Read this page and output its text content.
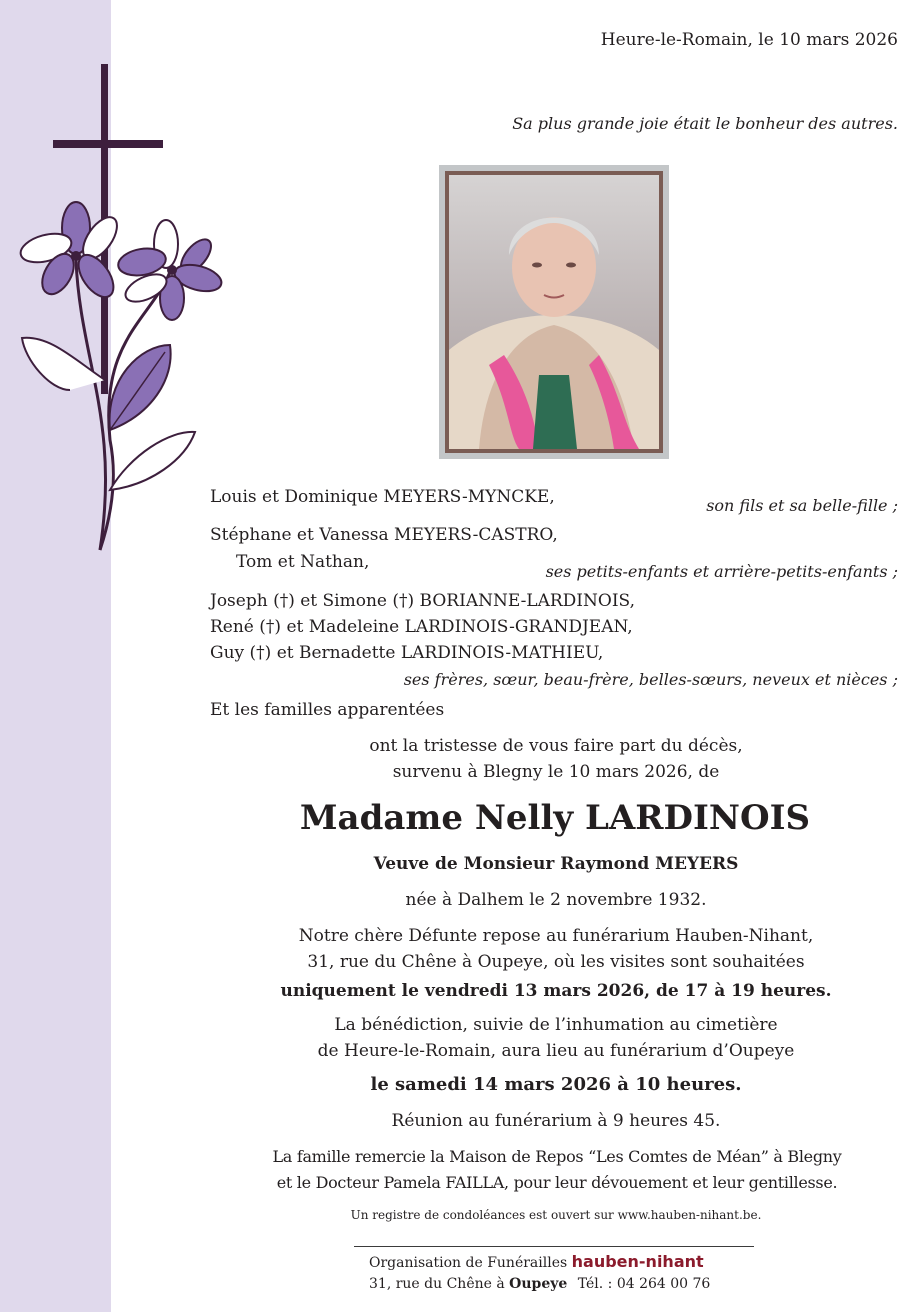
Heure-le-Romain, le 10 mars 2026
Sa plus grande joie était le bonheur des autres.
Louis et Dominique MEYERS-MYNCKE,	son fils et sa belle-fille ;
Stéphane et Vanessa MEYERS-CASTRO,
Tom et Nathan,	ses petits-enfants et arrière-petits-enfants ;
Joseph (†) et Simone (†) BORIANNE-LARDINOIS,
René (†) et Madeleine LARDINOIS-GRANDJEAN,
Guy (†) et Bernadette LARDINOIS-MATHIEU,
ses frères, sœur, beau-frère, belles-sœurs, neveux et nièces ;
Et les familles apparentées
ont la tristesse de vous faire part du décès,
survenu à Blegny le 10 mars 2026, de
Madame Nelly LARDINOIS
Veuve de Monsieur Raymond MEYERS
née à Dalhem le 2 novembre 1932.
Notre chère Défunte repose au funérarium Hauben-Nihant,
31, rue du Chêne à Oupeye, où les visites sont souhaitées
uniquement le vendredi 13 mars 2026, de 17 à 19 heures.
La bénédiction, suivie de l’inhumation au cimetière
de Heure-le-Romain, aura lieu au funérarium d’Oupeye
le samedi 14 mars 2026 à 10 heures.
Réunion au funérarium à 9 heures 45.
La famille remercie la Maison de Repos “Les Comtes de Méan” à Blegny
et le Docteur Pamela FAILLA, pour leur dévouement et leur gentillesse.
Un registre de condoléances est ouvert sur www.hauben-nihant.be.
Organisation de Funérailles hauben-nihant
31, rue du Chêne à Oupeye Tél. : 04 264 00 76
